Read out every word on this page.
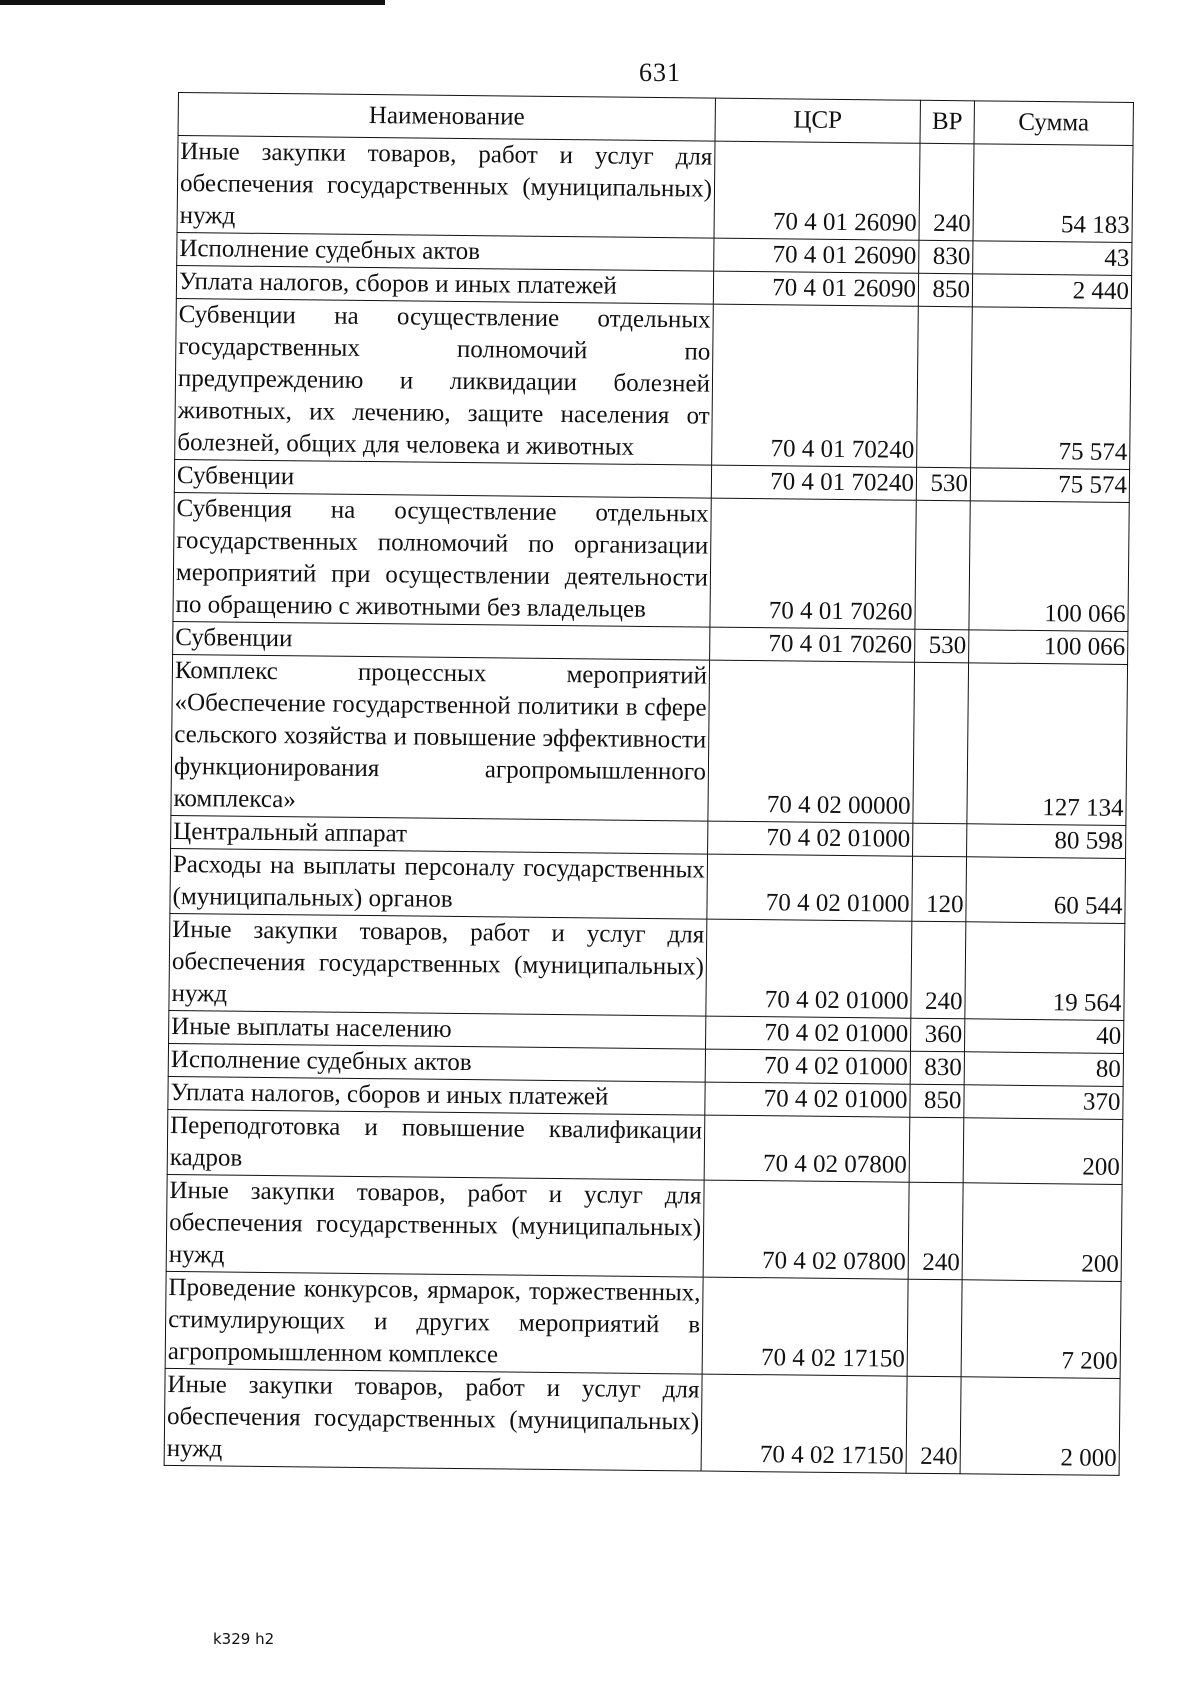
631
Наименование	ЦСР	ВР	Сумма
Иные закупки товаров, работ и услуг для обеспечения государственных (муниципальных) нужд	70 4 01 26090	240	54 183
Исполнение судебных актов	70 4 01 26090	830	43
Уплата налогов, сборов и иных платежей	70 4 01 26090	850	2 440
Субвенции на осуществление отдельных государственных полномочий по предупреждению и ликвидации болезней животных, их лечению, защите населения от болезней, общих для человека и животных	70 4 01 70240		75 574
Субвенции	70 4 01 70240	530	75 574
Субвенция на осуществление отдельных государственных полномочий по организации мероприятий при осуществлении деятельности по обращению с животными без владельцев	70 4 01 70260		100 066
Субвенции	70 4 01 70260	530	100 066
Комплекс процессных мероприятий «Обеспечение государственной политики в сфере сельского хозяйства и повышение эффективности функционирования агропромышленного комплекса»	70 4 02 00000		127 134
Центральный аппарат	70 4 02 01000		80 598
Расходы на выплаты персоналу государственных (муниципальных) органов	70 4 02 01000	120	60 544
Иные закупки товаров, работ и услуг для обеспечения государственных (муниципальных) нужд	70 4 02 01000	240	19 564
Иные выплаты населению	70 4 02 01000	360	40
Исполнение судебных актов	70 4 02 01000	830	80
Уплата налогов, сборов и иных платежей	70 4 02 01000	850	370
Переподготовка и повышение квалификации кадров	70 4 02 07800		200
Иные закупки товаров, работ и услуг для обеспечения государственных (муниципальных) нужд	70 4 02 07800	240	200
Проведение конкурсов, ярмарок, торжественных, стимулирующих и других мероприятий в агропромышленном комплексе	70 4 02 17150		7 200
Иные закупки товаров, работ и услуг для обеспечения государственных (муниципальных) нужд	70 4 02 17150	240	2 000
k329 h2
